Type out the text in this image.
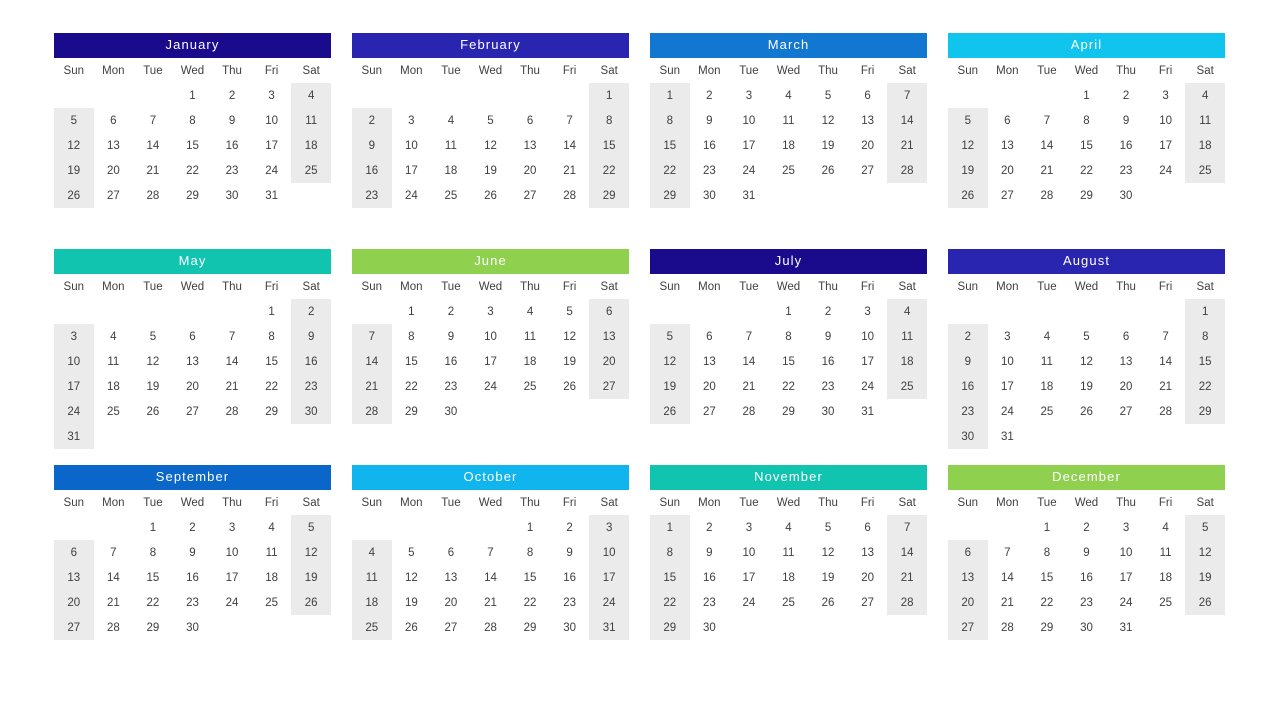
January
Sun	Mon	Tue	Wed	Thu	Fri	Sat
			1	2	3	4
5	6	7	8	9	10	11
12	13	14	15	16	17	18
19	20	21	22	23	24	25
26	27	28	29	30	31	
February
Sun	Mon	Tue	Wed	Thu	Fri	Sat
						1
2	3	4	5	6	7	8
9	10	11	12	13	14	15
16	17	18	19	20	21	22
23	24	25	26	27	28	29
March
Sun	Mon	Tue	Wed	Thu	Fri	Sat
1	2	3	4	5	6	7
8	9	10	11	12	13	14
15	16	17	18	19	20	21
22	23	24	25	26	27	28
29	30	31				
April
Sun	Mon	Tue	Wed	Thu	Fri	Sat
			1	2	3	4
5	6	7	8	9	10	11
12	13	14	15	16	17	18
19	20	21	22	23	24	25
26	27	28	29	30		
May
Sun	Mon	Tue	Wed	Thu	Fri	Sat
					1	2
3	4	5	6	7	8	9
10	11	12	13	14	15	16
17	18	19	20	21	22	23
24	25	26	27	28	29	30
31						
June
Sun	Mon	Tue	Wed	Thu	Fri	Sat
	1	2	3	4	5	6
7	8	9	10	11	12	13
14	15	16	17	18	19	20
21	22	23	24	25	26	27
28	29	30				
July
Sun	Mon	Tue	Wed	Thu	Fri	Sat
			1	2	3	4
5	6	7	8	9	10	11
12	13	14	15	16	17	18
19	20	21	22	23	24	25
26	27	28	29	30	31	
August
Sun	Mon	Tue	Wed	Thu	Fri	Sat
						1
2	3	4	5	6	7	8
9	10	11	12	13	14	15
16	17	18	19	20	21	22
23	24	25	26	27	28	29
30	31					
September
Sun	Mon	Tue	Wed	Thu	Fri	Sat
		1	2	3	4	5
6	7	8	9	10	11	12
13	14	15	16	17	18	19
20	21	22	23	24	25	26
27	28	29	30			
October
Sun	Mon	Tue	Wed	Thu	Fri	Sat
				1	2	3
4	5	6	7	8	9	10
11	12	13	14	15	16	17
18	19	20	21	22	23	24
25	26	27	28	29	30	31
November
Sun	Mon	Tue	Wed	Thu	Fri	Sat
1	2	3	4	5	6	7
8	9	10	11	12	13	14
15	16	17	18	19	20	21
22	23	24	25	26	27	28
29	30					
December
Sun	Mon	Tue	Wed	Thu	Fri	Sat
		1	2	3	4	5
6	7	8	9	10	11	12
13	14	15	16	17	18	19
20	21	22	23	24	25	26
27	28	29	30	31		
